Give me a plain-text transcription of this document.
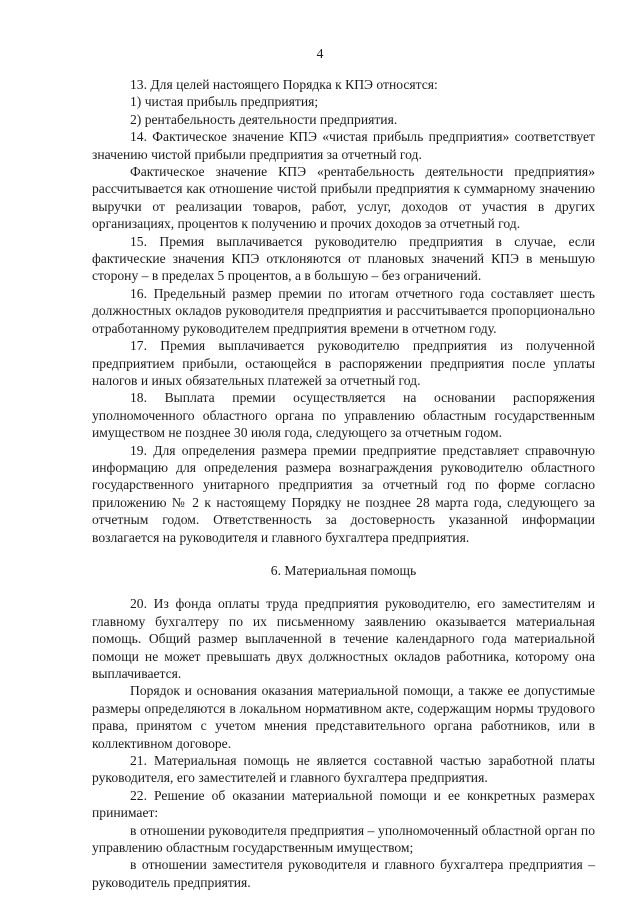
4

13. Для целей настоящего Порядка к КПЭ относятся:

1) чистая прибыль предприятия;

2) рентабельность деятельности предприятия.

14. Фактическое значение КПЭ «чистая прибыль предприятия» соответствует значению чистой прибыли предприятия за отчетный год.

Фактическое значение КПЭ «рентабельность деятельности предприятия» рассчитывается как отношение чистой прибыли предприятия к суммарному значению выручки от реализации товаров, работ, услуг, доходов от участия в других организациях, процентов к получению и прочих доходов за отчетный год.

15. Премия выплачивается руководителю предприятия в случае, если фактические значения КПЭ отклоняются от плановых значений КПЭ в меньшую сторону – в пределах 5 процентов, а в большую – без ограничений.

16. Предельный размер премии по итогам отчетного года составляет шесть должностных окладов руководителя предприятия и рассчитывается пропорционально отработанному руководителем предприятия времени в отчетном году.

17. Премия выплачивается руководителю предприятия из полученной предприятием прибыли, остающейся в распоряжении предприятия после уплаты налогов и иных обязательных платежей за отчетный год.

18. Выплата премии осуществляется на основании распоряжения уполномоченного областного органа по управлению областным государственным имуществом не позднее 30 июля года, следующего за отчетным годом.

19. Для определения размера премии предприятие представляет справочную информацию для определения размера вознаграждения руководителю областного государственного унитарного предприятия за отчетный год по форме согласно приложению № 2 к настоящему Порядку не позднее 28 марта года, следующего за отчетным годом. Ответственность за достоверность указанной информации возлагается на руководителя и главного бухгалтера предприятия.

6. Материальная помощь

20. Из фонда оплаты труда предприятия руководителю, его заместителям и главному бухгалтеру по их письменному заявлению оказывается материальная помощь. Общий размер выплаченной в течение календарного года материальной помощи не может превышать двух должностных окладов работника, которому она выплачивается.

Порядок и основания оказания материальной помощи, а также ее допустимые размеры определяются в локальном нормативном акте, содержащим нормы трудового права, принятом с учетом мнения представительного органа работников, или в коллективном договоре.

21. Материальная помощь не является составной частью заработной платы руководителя, его заместителей и главного бухгалтера предприятия.

22. Решение об оказании материальной помощи и ее конкретных размерах принимает:

в отношении руководителя предприятия – уполномоченный областной орган по управлению областным государственным имуществом;

в отношении заместителя руководителя и главного бухгалтера предприятия – руководитель предприятия.
